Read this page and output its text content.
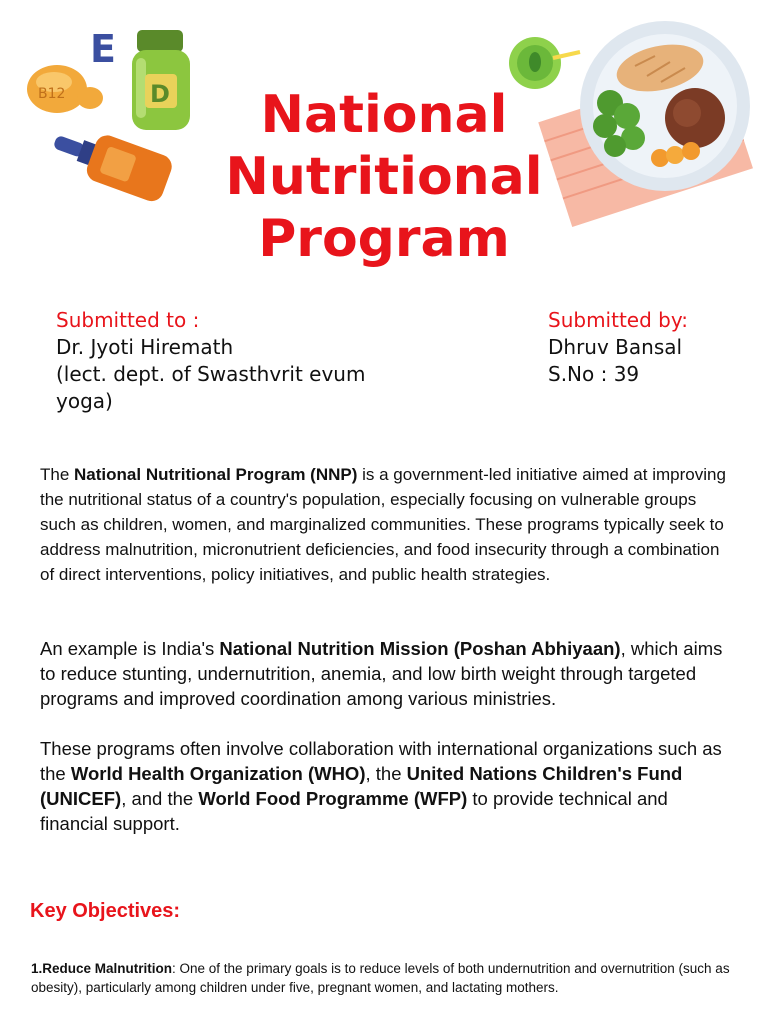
E
B12	D	National
Nutritional
Program
Submitted to :
Dr. Jyoti Hiremath
(lect. dept. of Swasthvrit evum
yoga)
Submitted by:
Dhruv Bansal
S.No : 39

The National Nutritional Program (NNP) is a government-led initiative aimed at improving the nutritional status of a country's population, especially focusing on vulnerable groups such as children, women, and marginalized communities. These programs typically seek to address malnutrition, micronutrient deficiencies, and food insecurity through a combination of direct interventions, policy initiatives, and public health strategies.

An example is India's National Nutrition Mission (Poshan Abhiyaan), which aims to reduce stunting, undernutrition, anemia, and low birth weight through targeted programs and improved coordination among various ministries.

These programs often involve collaboration with international organizations such as the World Health Organization (WHO), the United Nations Children's Fund (UNICEF), and the World Food Programme (WFP) to provide technical and financial support.

Key Objectives:

1.Reduce Malnutrition: One of the primary goals is to reduce levels of both undernutrition and overnutrition (such as obesity), particularly among children under five, pregnant women, and lactating mothers.
